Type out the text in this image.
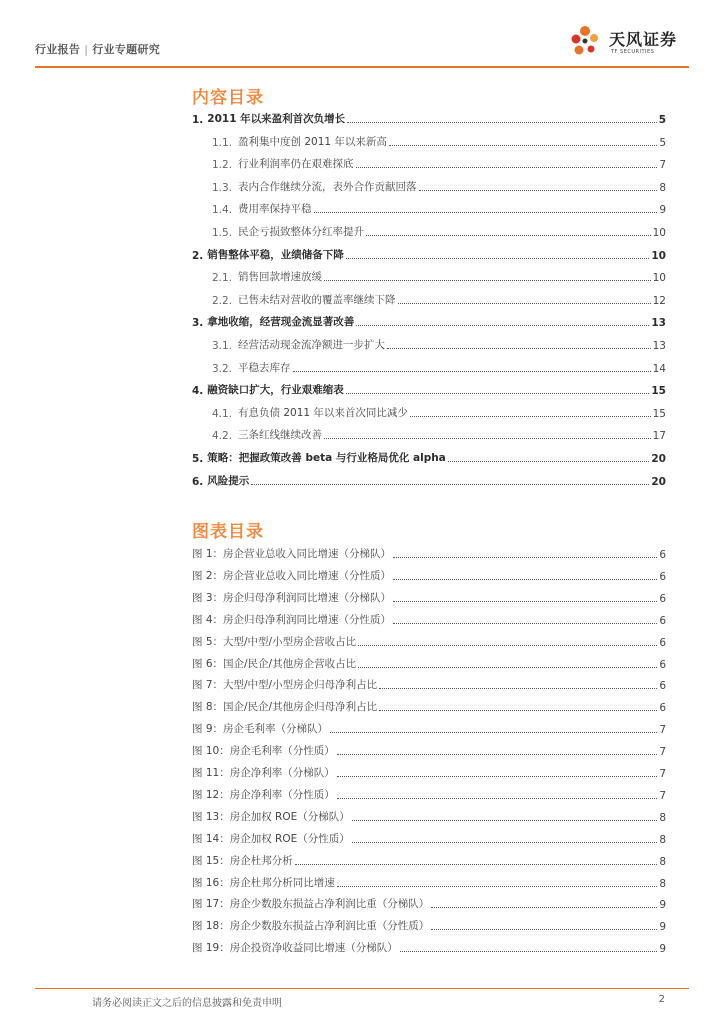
行业报告 | 行业专题研究
天风证券
TF SECURITIES
内容目录
1. 2011 年以来盈利首次负增长	5
1.1. 盈利集中度创 2011 年以来新高	5
1.2. 行业利润率仍在艰难探底	7
1.3. 表内合作继续分流，表外合作贡献回落	8
1.4. 费用率保持平稳	9
1.5. 民企亏损致整体分红率提升	10
2. 销售整体平稳，业绩储备下降	10
2.1. 销售回款增速放缓	10
2.2. 已售未结对营收的覆盖率继续下降	12
3. 拿地收缩，经营现金流显著改善	13
3.1. 经营活动现金流净额进一步扩大	13
3.2. 平稳去库存	14
4. 融资缺口扩大，行业艰难缩表	15
4.1. 有息负债 2011 年以来首次同比减少	15
4.2. 三条红线继续改善	17
5. 策略：把握政策改善 beta 与行业格局优化 alpha	20
6. 风险提示	20
图表目录
图 1：房企营业总收入同比增速（分梯队）	6
图 2：房企营业总收入同比增速（分性质）	6
图 3：房企归母净利润同比增速（分梯队）	6
图 4：房企归母净利润同比增速（分性质）	6
图 5：大型/中型/小型房企营收占比	6
图 6：国企/民企/其他房企营收占比	6
图 7：大型/中型/小型房企归母净利占比	6
图 8：国企/民企/其他房企归母净利占比	6
图 9：房企毛利率（分梯队）	7
图 10：房企毛利率（分性质）	7
图 11：房企净利率（分梯队）	7
图 12：房企净利率（分性质）	7
图 13：房企加权 ROE（分梯队）	8
图 14：房企加权 ROE（分性质）	8
图 15：房企杜邦分析	8
图 16：房企杜邦分析同比增速	8
图 17：房企少数股东损益占净利润比重（分梯队）	9
图 18：房企少数股东损益占净利润比重（分性质）	9
图 19：房企投资净收益同比增速（分梯队）	9
请务必阅读正文之后的信息披露和免责申明	2
